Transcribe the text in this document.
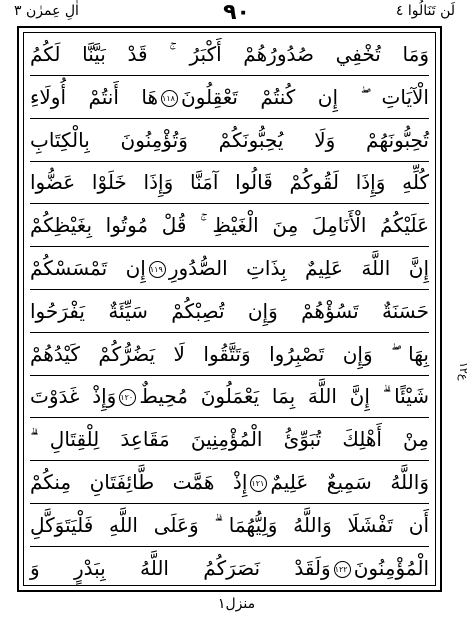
لَن تَنَالُوا ٤
٩٠
اٰلِ عِمرٰن ٣
وَمَا تُخْفِي صُدُورُهُمْ أَكْبَرُ ۚ قَدْ بَيَّنَّا لَكُمُ
الْآيَاتِ ۖ إِن كُنتُمْ تَعْقِلُونَ١١٨هَا أَنتُمْ أُولَاءِ
تُحِبُّونَهُمْ وَلَا يُحِبُّونَكُمْ وَتُؤْمِنُونَ بِالْكِتَابِ
كُلِّهِ وَإِذَا لَقُوكُمْ قَالُوا آمَنَّا وَإِذَا خَلَوْا عَضُّوا
عَلَيْكُمُ الْأَنَامِلَ مِنَ الْغَيْظِ ۚ قُلْ مُوتُوا بِغَيْظِكُمْ
إِنَّ اللَّهَ عَلِيمٌ بِذَاتِ الصُّدُورِ١١٩إِن تَمْسَسْكُمْ
حَسَنَةٌ تَسُؤْهُمْ وَإِن تُصِبْكُمْ سَيِّئَةٌ يَفْرَحُوا
بِهَا ۖ وَإِن تَصْبِرُوا وَتَتَّقُوا لَا يَضُرُّكُمْ كَيْدُهُمْ
شَيْئًا ۗ إِنَّ اللَّهَ بِمَا يَعْمَلُونَ مُحِيطٌ١٢٠وَإِذْ غَدَوْتَ
مِنْ أَهْلِكَ تُبَوِّئُ الْمُؤْمِنِينَ مَقَاعِدَ لِلْقِتَالِ ۗ
وَاللَّهُ سَمِيعٌ عَلِيمٌ١٢١إِذْ هَمَّت طَّائِفَتَانِ مِنكُمْ
أَن تَفْشَلَا وَاللَّهُ وَلِيُّهُمَا ۗ وَعَلَى اللَّهِ فَلْيَتَوَكَّلِ
الْمُؤْمِنُونَ١٢٢وَلَقَدْ نَصَرَكُمُ اللَّهُ بِبَدْرٍ وَ
ع١٢
منزل١
